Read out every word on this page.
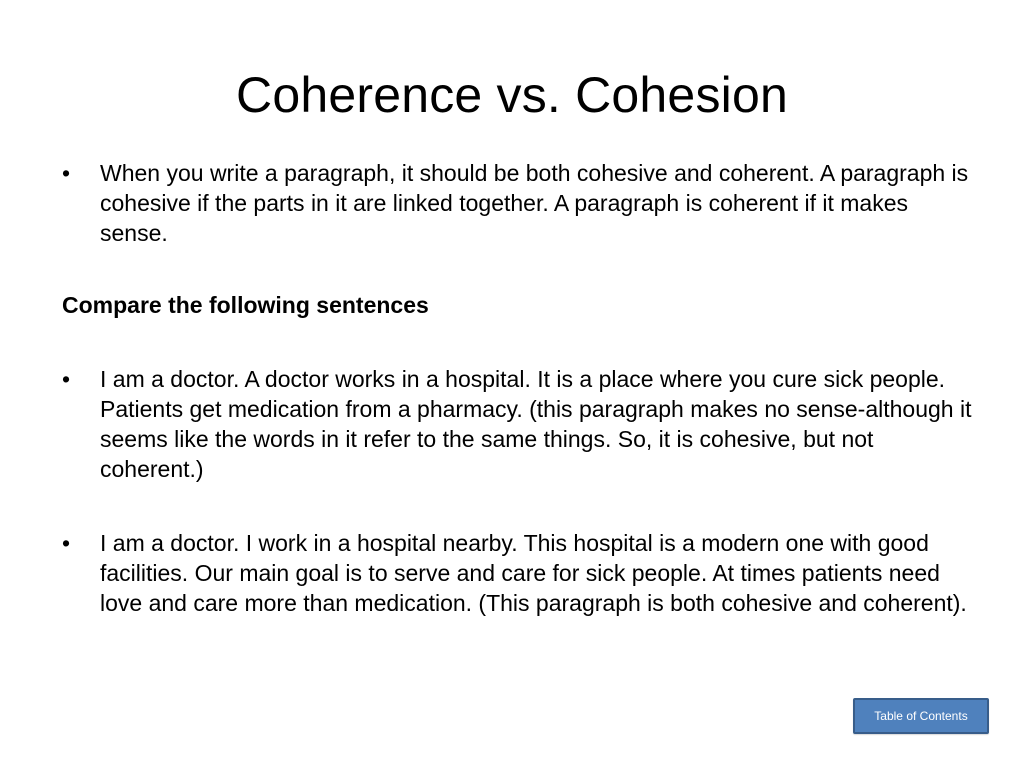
Coherence vs. Cohesion
•	When you write a paragraph, it should be both cohesive and coherent. A paragraph is cohesive if the parts in it are linked together. A paragraph is coherent if it makes sense.
Compare the following sentences
•	I am a doctor. A doctor works in a hospital. It is a place where you cure sick people. Patients get medication from a pharmacy. (this paragraph makes no sense-although it seems like the words in it refer to the same things. So, it is cohesive, but not coherent.)
•	I am a doctor. I work in a hospital nearby. This hospital is a modern one with good facilities. Our main goal is to serve and care for sick people. At times patients need love and care more than medication. (This paragraph is both cohesive and coherent).
Table of Contents
